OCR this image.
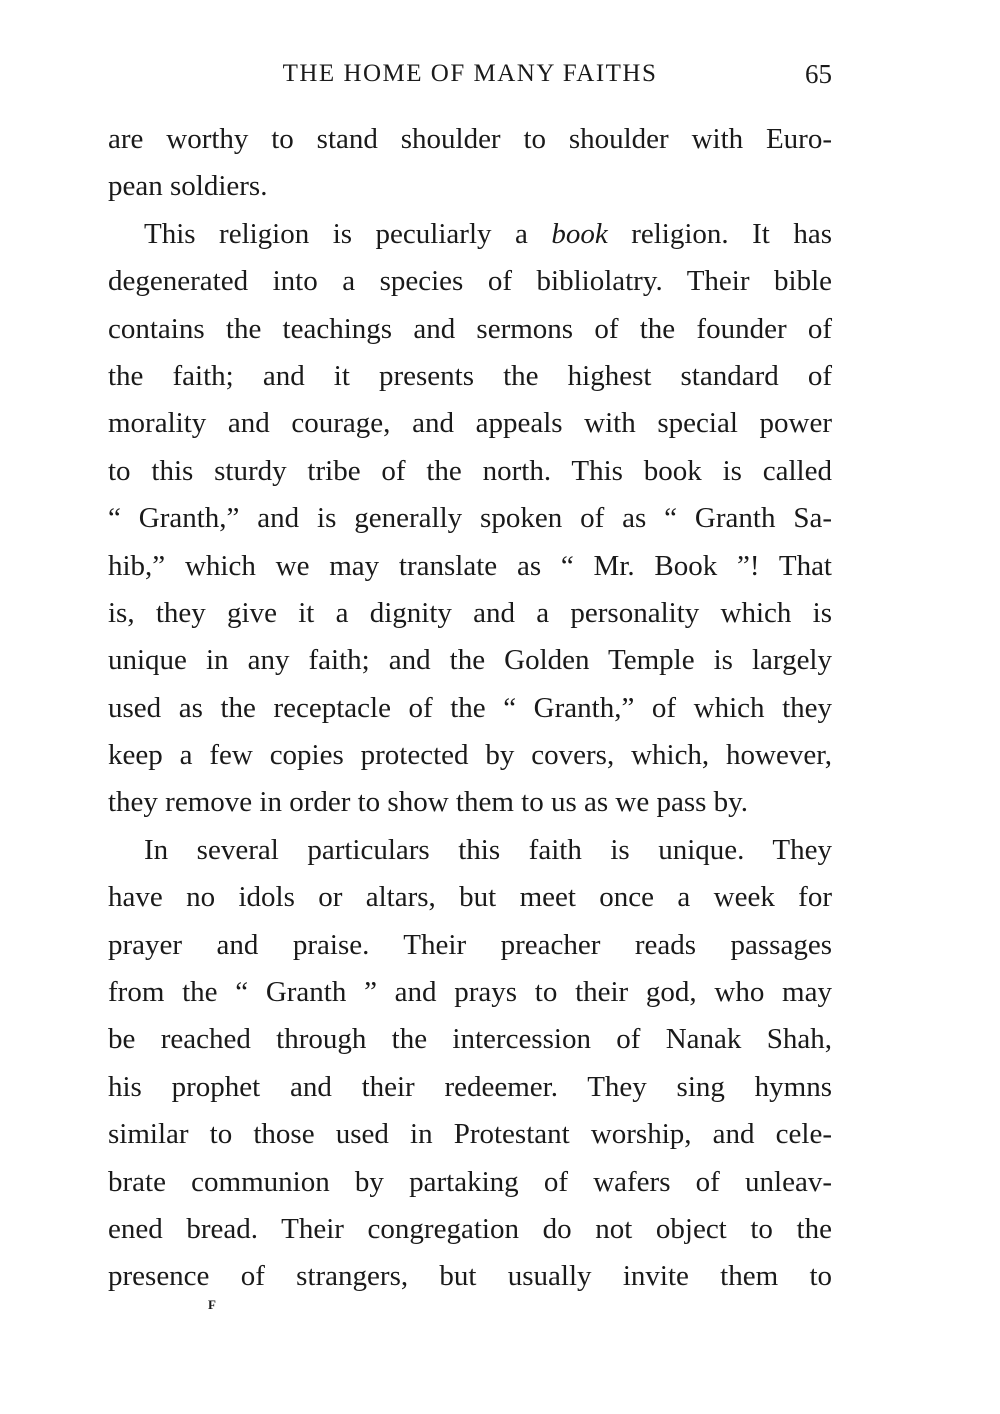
THE HOME OF MANY FAITHS	65
are worthy to stand shoulder to shoulder with Euro-
pean soldiers.
This religion is peculiarly a book religion. It has
degenerated into a species of bibliolatry. Their bible
contains the teachings and sermons of the founder of
the faith; and it presents the highest standard of
morality and courage, and appeals with special power
to this sturdy tribe of the north. This book is called
“ Granth,” and is generally spoken of as “ Granth Sa-
hib,” which we may translate as “ Mr. Book ”! That
is, they give it a dignity and a personality which is
unique in any faith; and the Golden Temple is largely
used as the receptacle of the “ Granth,” of which they
keep a few copies protected by covers, which, however,
they remove in order to show them to us as we pass by.
In several particulars this faith is unique. They
have no idols or altars, but meet once a week for
prayer and praise. Their preacher reads passages
from the “ Granth ” and prays to their god, who may
be reached through the intercession of Nanak Shah,
his prophet and their redeemer. They sing hymns
similar to those used in Protestant worship, and cele-
brate communion by partaking of wafers of unleav-
ened bread. Their congregation do not object to the
presence of strangers, but usually invite them to
F
